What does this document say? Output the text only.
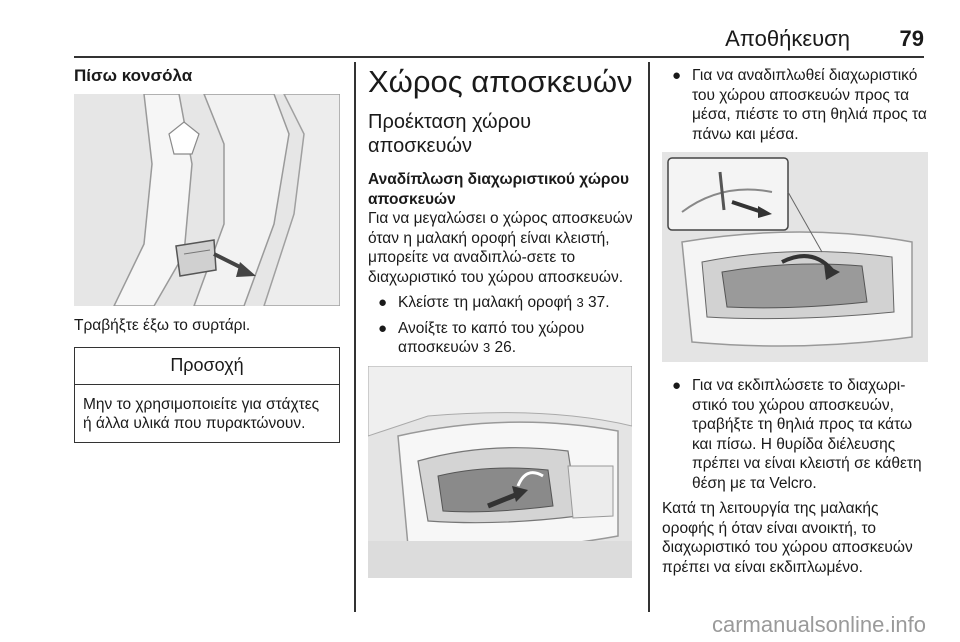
Αποθήκευση 79
Πίσω κονσόλα

Τραβήξτε έξω το συρτάρι.

Προσοχή
Μην το χρησιμοποιείτε για στάχτες ή άλλα υλικά που πυρακτώνουν.
Χώρος αποσκευών
Προέκταση χώρου αποσκευών
Αναδίπλωση διαχωριστικού χώρου αποσκευών

Για να μεγαλώσει ο χώρος αποσκευών όταν η μαλακή οροφή είναι κλειστή, μπορείτε να αναδιπλώ-σετε το διαχωριστικό του χώρου αποσκευών.

● Κλείστε τη μαλακή οροφή 3 37.
● Ανοίξτε το καπό του χώρου αποσκευών 3 26.
● Για να αναδιπλωθεί διαχωριστικό του χώρου αποσκευών προς τα μέσα, πιέστε το στη θηλιά προς τα πάνω και μέσα.
● Για να εκδιπλώσετε το διαχωρι-στικό του χώρου αποσκευών, τραβήξτε τη θηλιά προς τα κάτω και πίσω. Η θυρίδα διέλευσης πρέπει να είναι κλειστή σε κάθετη θέση με τα Velcro.

Κατά τη λειτουργία της μαλακής οροφής ή όταν είναι ανοικτή, το διαχωριστικό του χώρου αποσκευών πρέπει να είναι εκδιπλωμένο.

carmanualsonline.info
